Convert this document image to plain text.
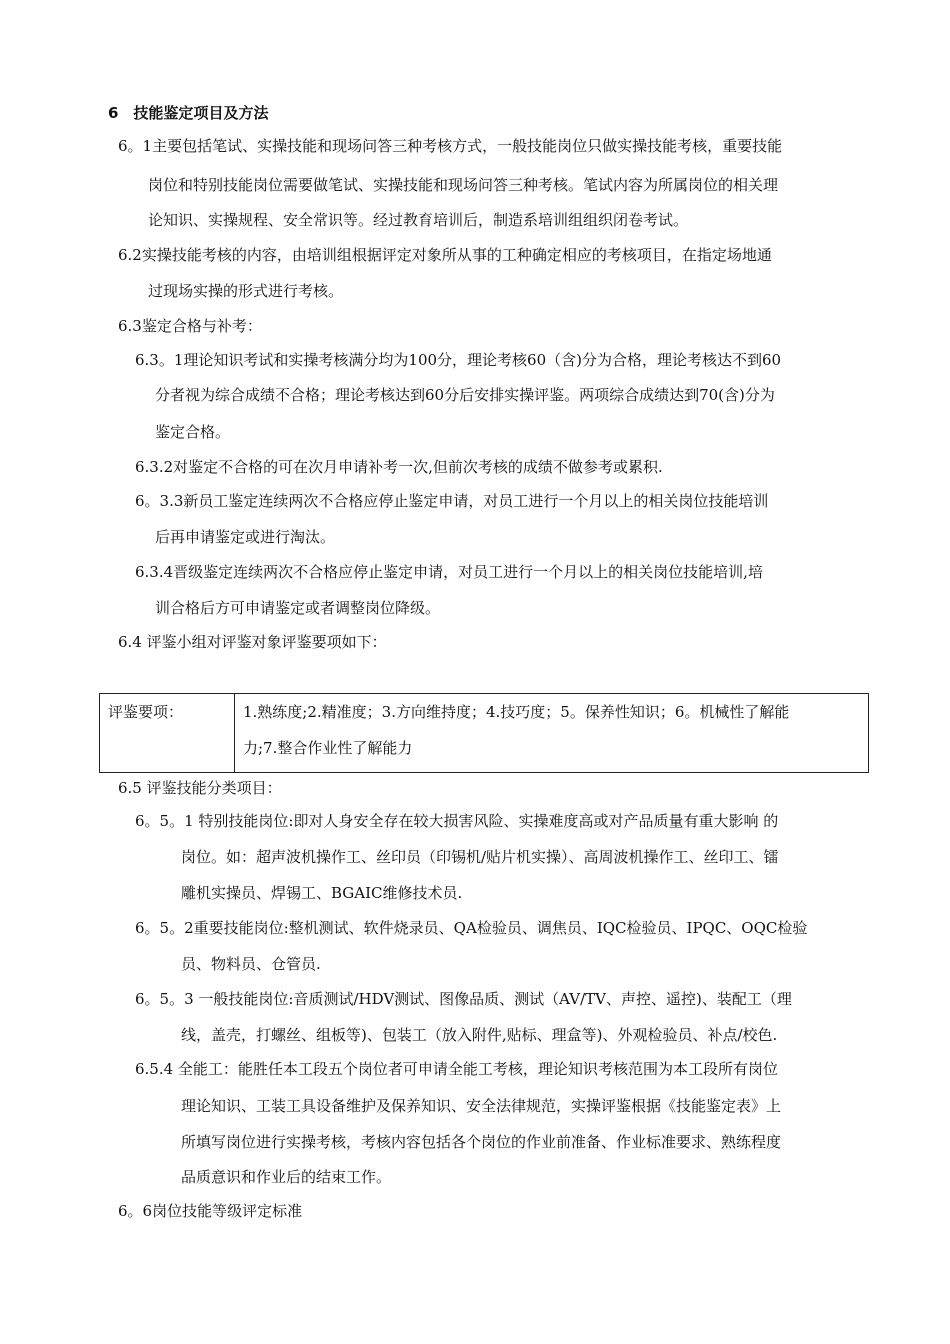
6　技能鉴定项目及方法
6。1主要包括笔试、实操技能和现场问答三种考核方式，一般技能岗位只做实操技能考核，重要技能
岗位和特别技能岗位需要做笔试、实操技能和现场问答三种考核。笔试内容为所属岗位的相关理
论知识、实操规程、安全常识等。经过教育培训后，制造系培训组组织闭卷考试。
6.2实操技能考核的内容，由培训组根据评定对象所从事的工种确定相应的考核项目，在指定场地通
过现场实操的形式进行考核。
6.3鉴定合格与补考：
6.3。1理论知识考试和实操考核满分均为100分，理论考核60（含)分为合格，理论考核达不到60
分者视为综合成绩不合格；理论考核达到60分后安排实操评鉴。两项综合成绩达到70(含)分为
鉴定合格。
6.3.2对鉴定不合格的可在次月申请补考一次,但前次考核的成绩不做参考或累积.
6。3.3新员工鉴定连续两次不合格应停止鉴定申请，对员工进行一个月以上的相关岗位技能培训
后再申请鉴定或进行淘汰。
6.3.4晋级鉴定连续两次不合格应停止鉴定申请，对员工进行一个月以上的相关岗位技能培训,培
训合格后方可申请鉴定或者调整岗位降级。
6.4 评鉴小组对评鉴对象评鉴要项如下：
评鉴要项：	1.熟练度;2.精准度；3.方向维持度；4.技巧度；5。保养性知识；6。机械性了解能
力;7.整合作业性了解能力
6.5 评鉴技能分类项目：
6。5。1 特别技能岗位:即对人身安全存在较大损害风险、实操难度高或对产品质量有重大影响 的
岗位。如：超声波机操作工、丝印员（印锡机/贴片机实操）、高周波机操作工、丝印工、镭
雕机实操员、焊锡工、BGAIC维修技术员.
6。5。2重要技能岗位:整机测试、软件烧录员、QA检验员、调焦员、IQC检验员、IPQC、OQC检验
员、物料员、仓管员.
6。5。3 一般技能岗位:音质测试/HDV测试、图像品质、测试（AV/TV、声控、遥控)、装配工（理
线，盖壳，打螺丝、组板等)、包装工（放入附件,贴标、理盒等)、外观检验员、补点/校色.
6.5.4 全能工：能胜任本工段五个岗位者可申请全能工考核，理论知识考核范围为本工段所有岗位
理论知识、工装工具设备维护及保养知识、安全法律规范，实操评鉴根据《技能鉴定表》上
所填写岗位进行实操考核，考核内容包括各个岗位的作业前准备、作业标准要求、熟练程度
品质意识和作业后的结束工作。
6。6岗位技能等级评定标准
